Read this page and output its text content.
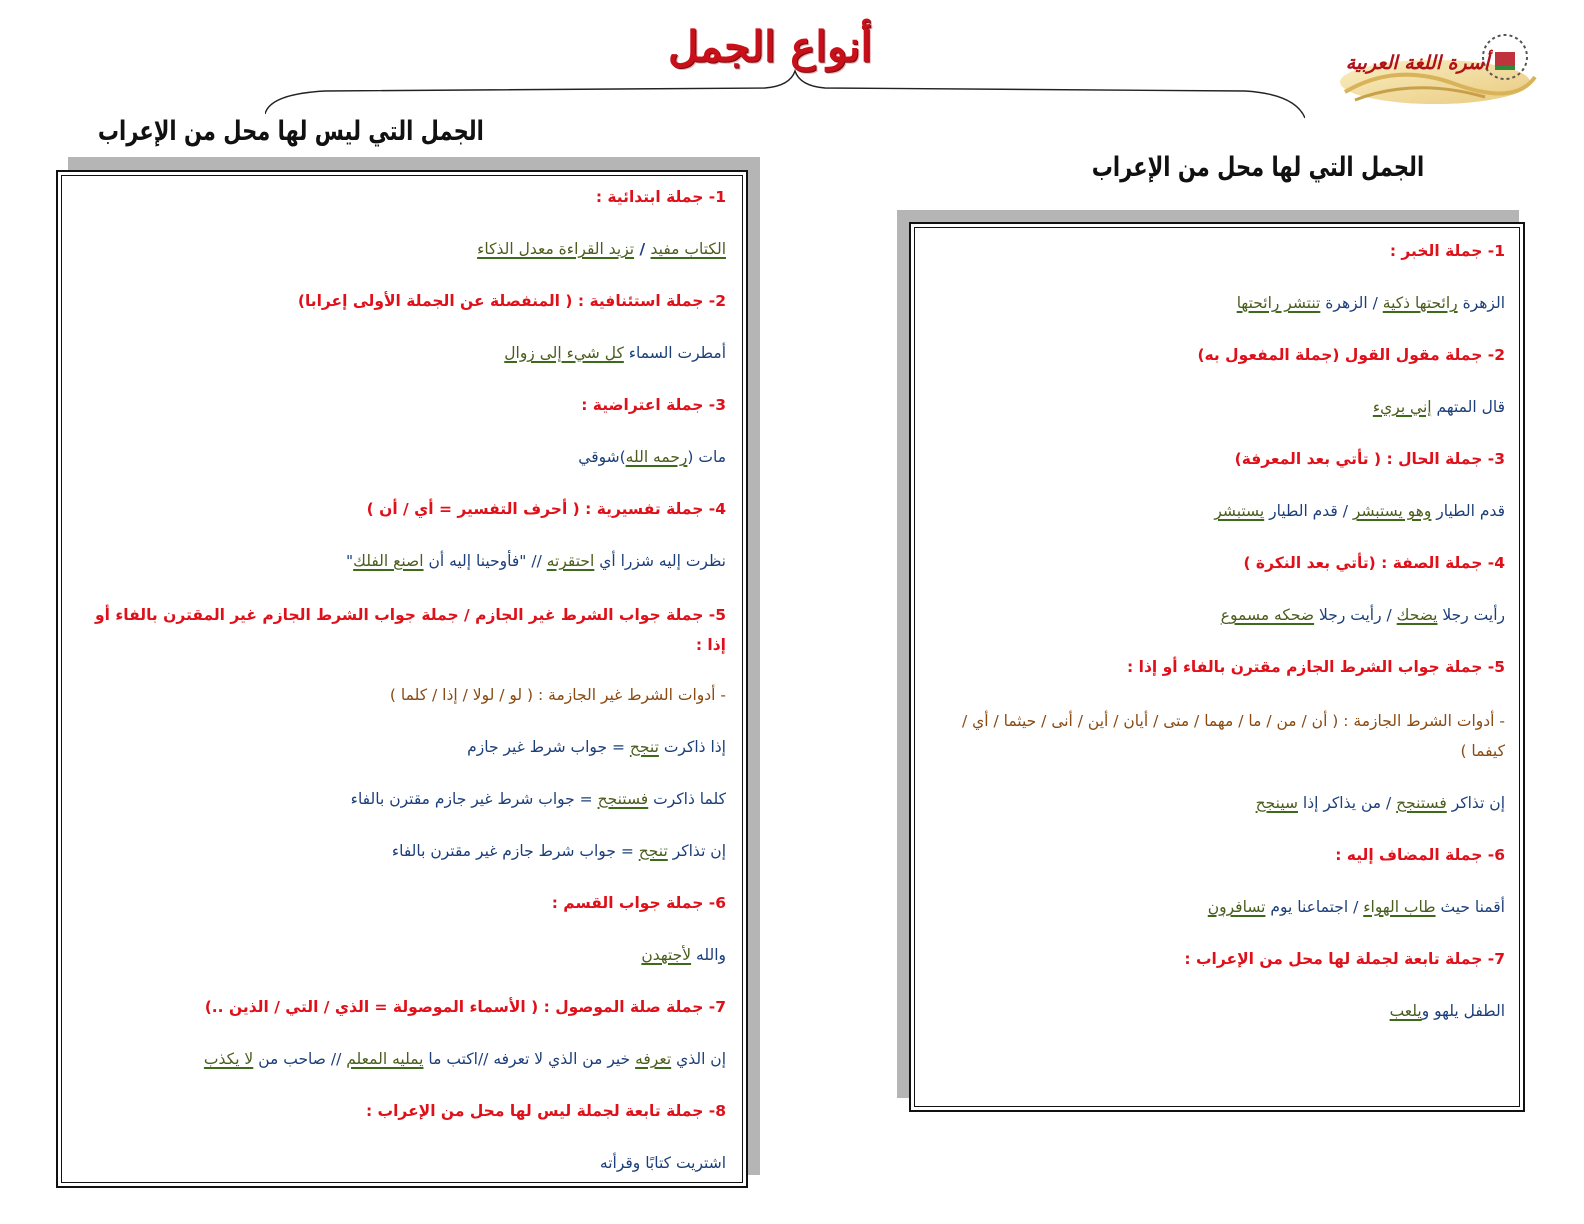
أسرة اللغة العربية
أنواع الجمل
الجمل التي ليس لها محل من الإعراب
الجمل التي لها محل من الإعراب
1- جملة ابتدائية :
الكتاب مفيد / تزيد القراءة معدل الذكاء
2- جملة استئنافية : ( المنفصلة عن الجملة الأولى إعرابا)
أمطرت السماء كل شيء إلى زوال
3- جملة اعتراضية :
مات (رحمه الله)شوقي
4- جملة تفسيرية : ( أحرف التفسير = أي / أن )
نظرت إليه شزرا أي احتقرته // "فأوحينا إليه أن اصنع الفلك"
5- جملة جواب الشرط غير الجازم / جملة جواب الشرط الجازم غير المقترن بالفاء أو إذا :
- أدوات الشرط غير الجازمة : ( لو / لولا / إذا / كلما )
إذا ذاكرت تنجح = جواب شرط غير جازم
كلما ذاكرت فستنجح = جواب شرط غير جازم مقترن بالفاء
إن تذاكر تنجح = جواب شرط جازم غير مقترن بالفاء
6- جملة جواب القسم :
والله لأجتهدن
7- جملة صلة الموصول : ( الأسماء الموصولة = الذي / التي / الذين ..)
إن الذي تعرفه خير من الذي لا تعرفه //اكتب ما يمليه المعلم // صاحب من لا يكذب
8- جملة تابعة لجملة ليس لها محل من الإعراب :
اشتريت كتابًا وقرأته
1- جملة الخبر :
الزهرة رائحتها ذكية / الزهرة تنتشر رائحتها
2- جملة مقول القول (جملة المفعول به)
قال المتهم إني بريء
3- جملة الحال : ( تأتي بعد المعرفة)
قدم الطيار وهو يستبشر / قدم الطيار يستبشر
4- جملة الصفة : (تأتي بعد النكرة )
رأيت رجلا يضحك / رأيت رجلا ضحكه مسموع
5- جملة جواب الشرط الجازم مقترن بالفاء أو إذا :
- أدوات الشرط الجازمة : ( أن / من / ما / مهما / متى / أيان / أين / أنى / حيثما / أي / كيفما )
إن تذاكر فستنجح / من يذاكر إذا سينجح
6- جملة المضاف إليه :
أقمنا حيث طاب الهواء / اجتماعنا يوم تسافرون
7- جملة تابعة لجملة لها محل من الإعراب :
الطفل يلهو ويلعب
